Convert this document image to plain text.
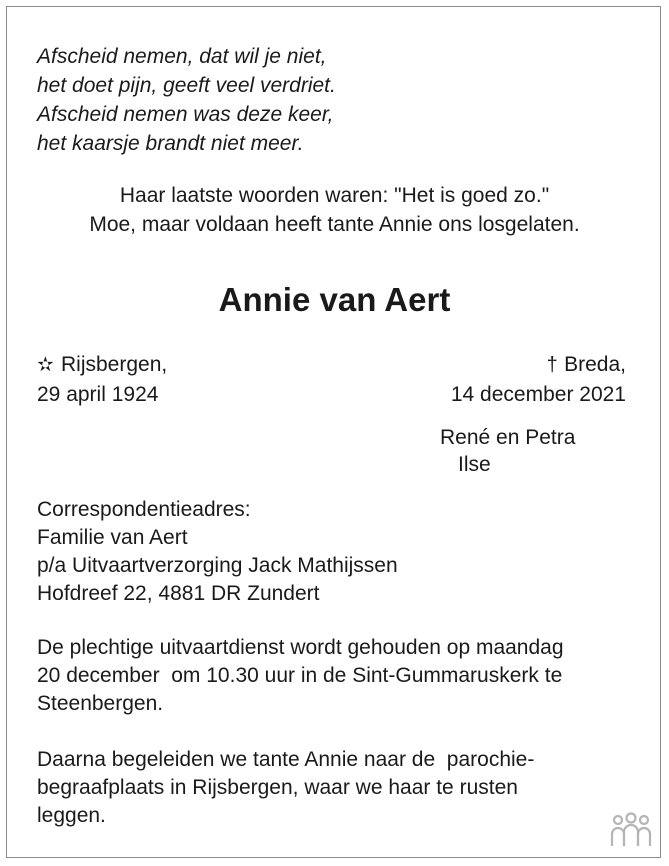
Afscheid nemen, dat wil je niet,
het doet pijn, geeft veel verdriet.
Afscheid nemen was deze keer,
het kaarsje brandt niet meer.
Haar laatste woorden waren: "Het is goed zo."
Moe, maar voldaan heeft tante Annie ons losgelaten.
Annie van Aert
✫ Rijsbergen,
29 april 1924
† Breda,
14 december 2021
René en Petra
Ilse
Correspondentieadres:
Familie van Aert
p/a Uitvaartverzorging Jack Mathijssen
Hofdreef 22, 4881 DR Zundert
De plechtige uitvaartdienst wordt gehouden op maandag
20 december  om 10.30 uur in de Sint-Gummaruskerk te
Steenbergen.
Daarna begeleiden we tante Annie naar de  parochie-
begraafplaats in Rijsbergen, waar we haar te rusten
leggen.
